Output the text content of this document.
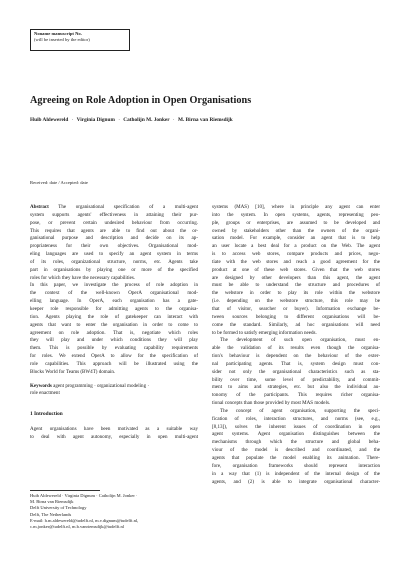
Noname manuscript No.
(will be inserted by the editor)
Agreeing on Role Adoption in Open Organisations
Huib Aldewereld · Virginia Dignum · Catholijn M. Jonker · M. Birna van Riemsdijk
Received: date / Accepted: date
Abstract The organisational specification of a multi-agent
system supports agents' effectiveness in attaining their pur-
pose, or prevent certain undesired behaviour from occurring.
This requires that agents are able to find out about the or-
ganisational purpose and description and decide on its ap-
propriateness for their own objectives. Organisational mod-
eling languages are used to specify an agent system in terms
of its roles, organizational structure, norms, etc. Agents take
part in organisations by playing one or more of the specified
roles for which they have the necessary capabilities.
In this paper, we investigate the process of role adoption in
the context of the well-known OperA organisational mod-
elling language. In OperA, each organisation has a gate-
keeper role responsible for admitting agents to the organisa-
tion. Agents playing the role of gatekeeper can interact with
agents that want to enter the organisation in order to come to
agreement on role adoption. That is, negotiate which roles
they will play and under which conditions they will play
them. This is possible by evaluating capability requirements
for roles. We extend OperA to allow for the specification of
role capabilities. This approach will be illustrated using the
Blocks World for Teams (BW4T) domain.
Keywords agent programming · organizational modeling ·
role enactment
1 Introduction
Agent organisations have been motivated as a suitable way
to deal with agent autonomy, especially in open multi-agent
Huib Aldewereld · Virginia Dignum · Catholijn M. Jonker ·
M. Birna van Riemsdijk
Delft University of Technology
Delft, The Netherlands
E-mail: h.m.aldewereld@tudelft.nl, m.v.dignum@tudelft.nl,
c.m.jonker@tudelft.nl, m.b.vanriemsdijk@tudelft.nl
systems (MAS) [10], where in principle any agent can enter
into the system. In open systems, agents, representing peo-
ple, groups or enterprises, are assumed to be developed and
owned by stakeholders other than the owners of the organi-
sation model. For example, consider an agent that is to help
an user locate a best deal for a product on the Web. The agent
is to access web stores, compare products and prices, nego-
tiate with the web stores and reach a good agreement for the
product at one of these web stores. Given that the web stores
are designed by other developers than this agent, the agent
must be able to understand the structure and procedures of
the webstore in order to play its role within the webstore
(i.e. depending on the webstore structure, this role may be
that of visitor, searcher or buyer). Information exchange be-
tween sources belonging to different organisations will be-
come the standard. Similarly, ad hoc organisations will need
to be formed to satisfy emerging information needs.
The development of such open organisation, must en-
able the validation of its results even though the organisa-
tion's behaviour is dependent on the behaviour of the exter-
nal participating agents. That is, system design must con-
sider not only the organisational characteristics such as sta-
bility over time, some level of predictability, and commit-
ment to aims and strategies, etc. but also the individual au-
tonomy of the participants. This requires richer organisa-
tional concepts than those provided by most MAS models.
The concept of agent organisation, supporting the speci-
fication of roles, interaction structures, and norms (see, e.g.,
[8,13]), solves the inherent issues of coordination in open
agent systems. Agent organisation distinguishes between the
mechanisms through which the structure and global beha-
viour of the model is described and coordinated, and the
agents that populate the model enabling its animation. There-
fore, organisation frameworks should represent interaction
in a way that (1) is independent of the internal design of the
agents, and (2) is able to integrate organisational character-
